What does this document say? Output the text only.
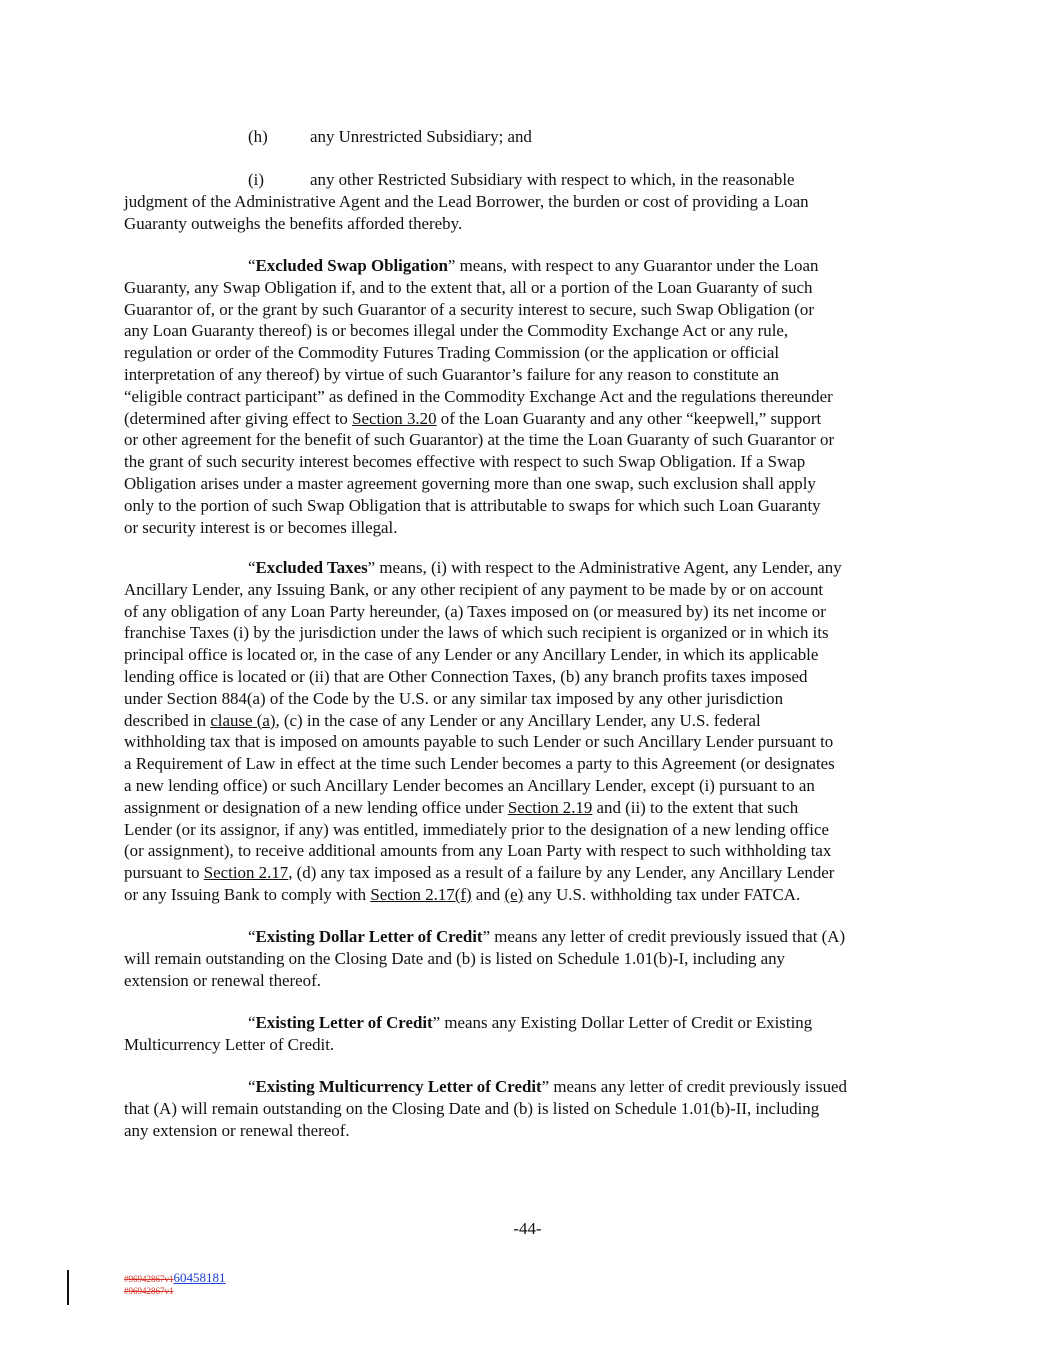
(h)	any Unrestricted Subsidiary; and
(i)	any other Restricted Subsidiary with respect to which, in the reasonable
judgment of the Administrative Agent and the Lead Borrower, the burden or cost of providing a Loan
Guaranty outweighs the benefits afforded thereby.
“Excluded Swap Obligation” means, with respect to any Guarantor under the Loan
Guaranty, any Swap Obligation if, and to the extent that, all or a portion of the Loan Guaranty of such
Guarantor of, or the grant by such Guarantor of a security interest to secure, such Swap Obligation (or
any Loan Guaranty thereof) is or becomes illegal under the Commodity Exchange Act or any rule,
regulation or order of the Commodity Futures Trading Commission (or the application or official
interpretation of any thereof) by virtue of such Guarantor’s failure for any reason to constitute an
“eligible contract participant” as defined in the Commodity Exchange Act and the regulations thereunder
(determined after giving effect to Section 3.20 of the Loan Guaranty and any other “keepwell,” support
or other agreement for the benefit of such Guarantor) at the time the Loan Guaranty of such Guarantor or
the grant of such security interest becomes effective with respect to such Swap Obligation. If a Swap
Obligation arises under a master agreement governing more than one swap, such exclusion shall apply
only to the portion of such Swap Obligation that is attributable to swaps for which such Loan Guaranty
or security interest is or becomes illegal.
“Excluded Taxes” means, (i) with respect to the Administrative Agent, any Lender, any
Ancillary Lender, any Issuing Bank, or any other recipient of any payment to be made by or on account
of any obligation of any Loan Party hereunder, (a) Taxes imposed on (or measured by) its net income or
franchise Taxes (i) by the jurisdiction under the laws of which such recipient is organized or in which its
principal office is located or, in the case of any Lender or any Ancillary Lender, in which its applicable
lending office is located or (ii) that are Other Connection Taxes, (b) any branch profits taxes imposed
under Section 884(a) of the Code by the U.S. or any similar tax imposed by any other jurisdiction
described in clause (a), (c) in the case of any Lender or any Ancillary Lender, any U.S. federal
withholding tax that is imposed on amounts payable to such Lender or such Ancillary Lender pursuant to
a Requirement of Law in effect at the time such Lender becomes a party to this Agreement (or designates
a new lending office) or such Ancillary Lender becomes an Ancillary Lender, except (i) pursuant to an
assignment or designation of a new lending office under Section 2.19 and (ii) to the extent that such
Lender (or its assignor, if any) was entitled, immediately prior to the designation of a new lending office
(or assignment), to receive additional amounts from any Loan Party with respect to such withholding tax
pursuant to Section 2.17, (d) any tax imposed as a result of a failure by any Lender, any Ancillary Lender
or any Issuing Bank to comply with Section 2.17(f) and (e) any U.S. withholding tax under FATCA.
“Existing Dollar Letter of Credit” means any letter of credit previously issued that (A)
will remain outstanding on the Closing Date and (b) is listed on Schedule 1.01(b)-I, including any
extension or renewal thereof.
“Existing Letter of Credit” means any Existing Dollar Letter of Credit or Existing
Multicurrency Letter of Credit.
“Existing Multicurrency Letter of Credit” means any letter of credit previously issued
that (A) will remain outstanding on the Closing Date and (b) is listed on Schedule 1.01(b)-II, including
any extension or renewal thereof.
-44-
#96942867v160458181
#96942867v1
